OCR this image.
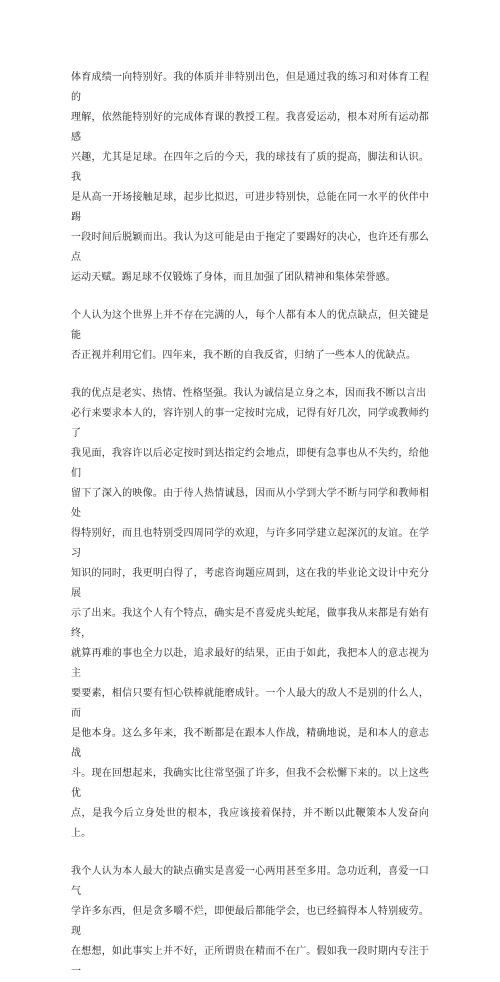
体育成绩一向特别好。我的体质并非特别出色，但是通过我的练习和对体育工程的
理解，依然能特别好的完成体育课的教授工程。我喜爱运动，根本对所有运动都感
兴趣，尤其是足球。在四年之后的今天，我的球技有了质的提高，脚法和认识。我
是从高一开场接触足球，起步比拟迟，可进步特别快，总能在同一水平的伙伴中踢
一段时间后脱颖而出。我认为这可能是由于拖定了要踢好的决心，也许还有那么点
运动天赋。踢足球不仅锻炼了身体，而且加强了团队精神和集体荣誉感。

个人认为这个世界上并不存在完满的人，每个人都有本人的优点缺点，但关键是能
否正视并利用它们。四年来，我不断的自我反省，归纳了一些本人的优缺点。

我的优点是老实、热情、性格坚强。我认为诚信是立身之本，因而我不断以言出
必行来要求本人的，容许别人的事一定按时完成，记得有好几次，同学或教师约了
我见面，我容许以后必定按时到达指定约会地点，即便有急事也从不失约，给他们
留下了深入的映像。由于待人热情诚恳，因而从小学到大学不断与同学和教师相处
得特别好，而且也特别受四周同学的欢迎，与许多同学建立起深沉的友谊。在学习
知识的同时，我更明白得了，考虑咨询题应周到，这在我的毕业论文设计中充分展
示了出来。我这个人有个特点，确实是不喜爱虎头蛇尾，做事我从来都是有始有终，
就算再难的事也全力以赴，追求最好的结果，正由于如此，我把本人的意志视为主
要要素，相信只要有恒心铁棒就能磨成针。一个人最大的敌人不是别的什么人，而
是他本身。这么多年来，我不断都是在跟本人作战，精确地说，是和本人的意志战
斗。现在回想起来，我确实比往常坚强了许多，但我不会松懈下来的。以上这些优
点，是我今后立身处世的根本，我应该接着保持，并不断以此鞭策本人发奋向上。

我个人认为本人最大的缺点确实是喜爱一心两用甚至多用。急功近利，喜爱一口气
学许多东西，但是贪多嚼不烂，即便最后都能学会，也已经搞得本人特别疲劳。现
在想想，如此事实上并不好，正所谓贵在精而不在广。假如我一段时期内专注于一
